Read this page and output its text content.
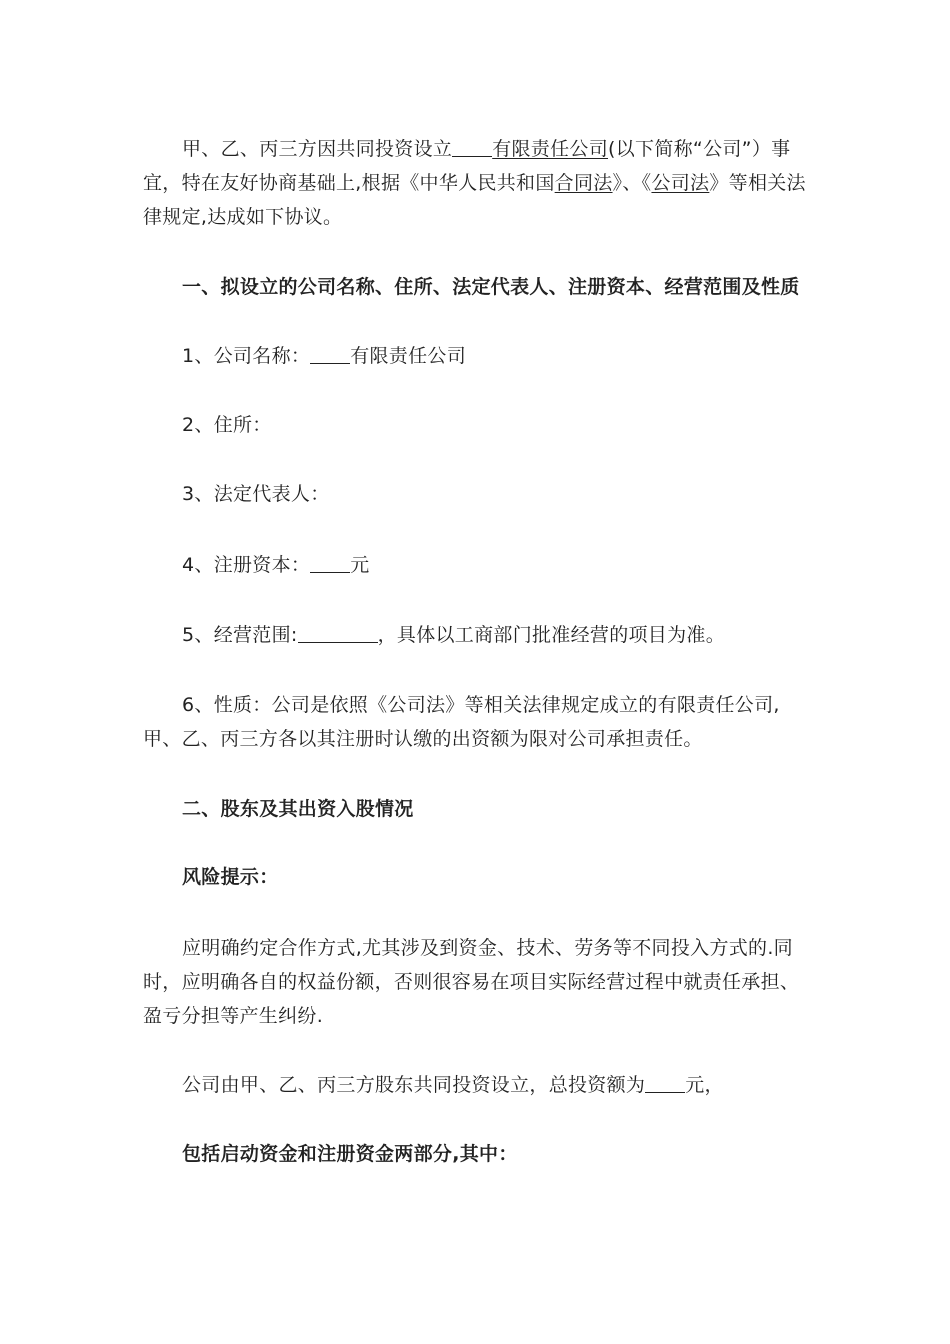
甲、乙、丙三方因共同投资设立 有限责任公司(以下简称“公司”）事宜，特在友好协商基础上,根据《中华人民共和国合同法》、《公司法》等相关法律规定,达成如下协议。

一、拟设立的公司名称、住所、法定代表人、注册资本、经营范围及性质

1、公司名称： 有限责任公司

2、住所：

3、法定代表人：

4、注册资本： 元

5、经营范围:	，具体以工商部门批准经营的项目为准。

6、性质：公司是依照《公司法》等相关法律规定成立的有限责任公司,甲、乙、丙三方各以其注册时认缴的出资额为限对公司承担责任。

二、股东及其出资入股情况

风险提示：

应明确约定合作方式,尤其涉及到资金、技术、劳务等不同投入方式的.同时，应明确各自的权益份额，否则很容易在项目实际经营过程中就责任承担、盈亏分担等产生纠纷.

公司由甲、乙、丙三方股东共同投资设立，总投资额为 元，

包括启动资金和注册资金两部分,其中：
